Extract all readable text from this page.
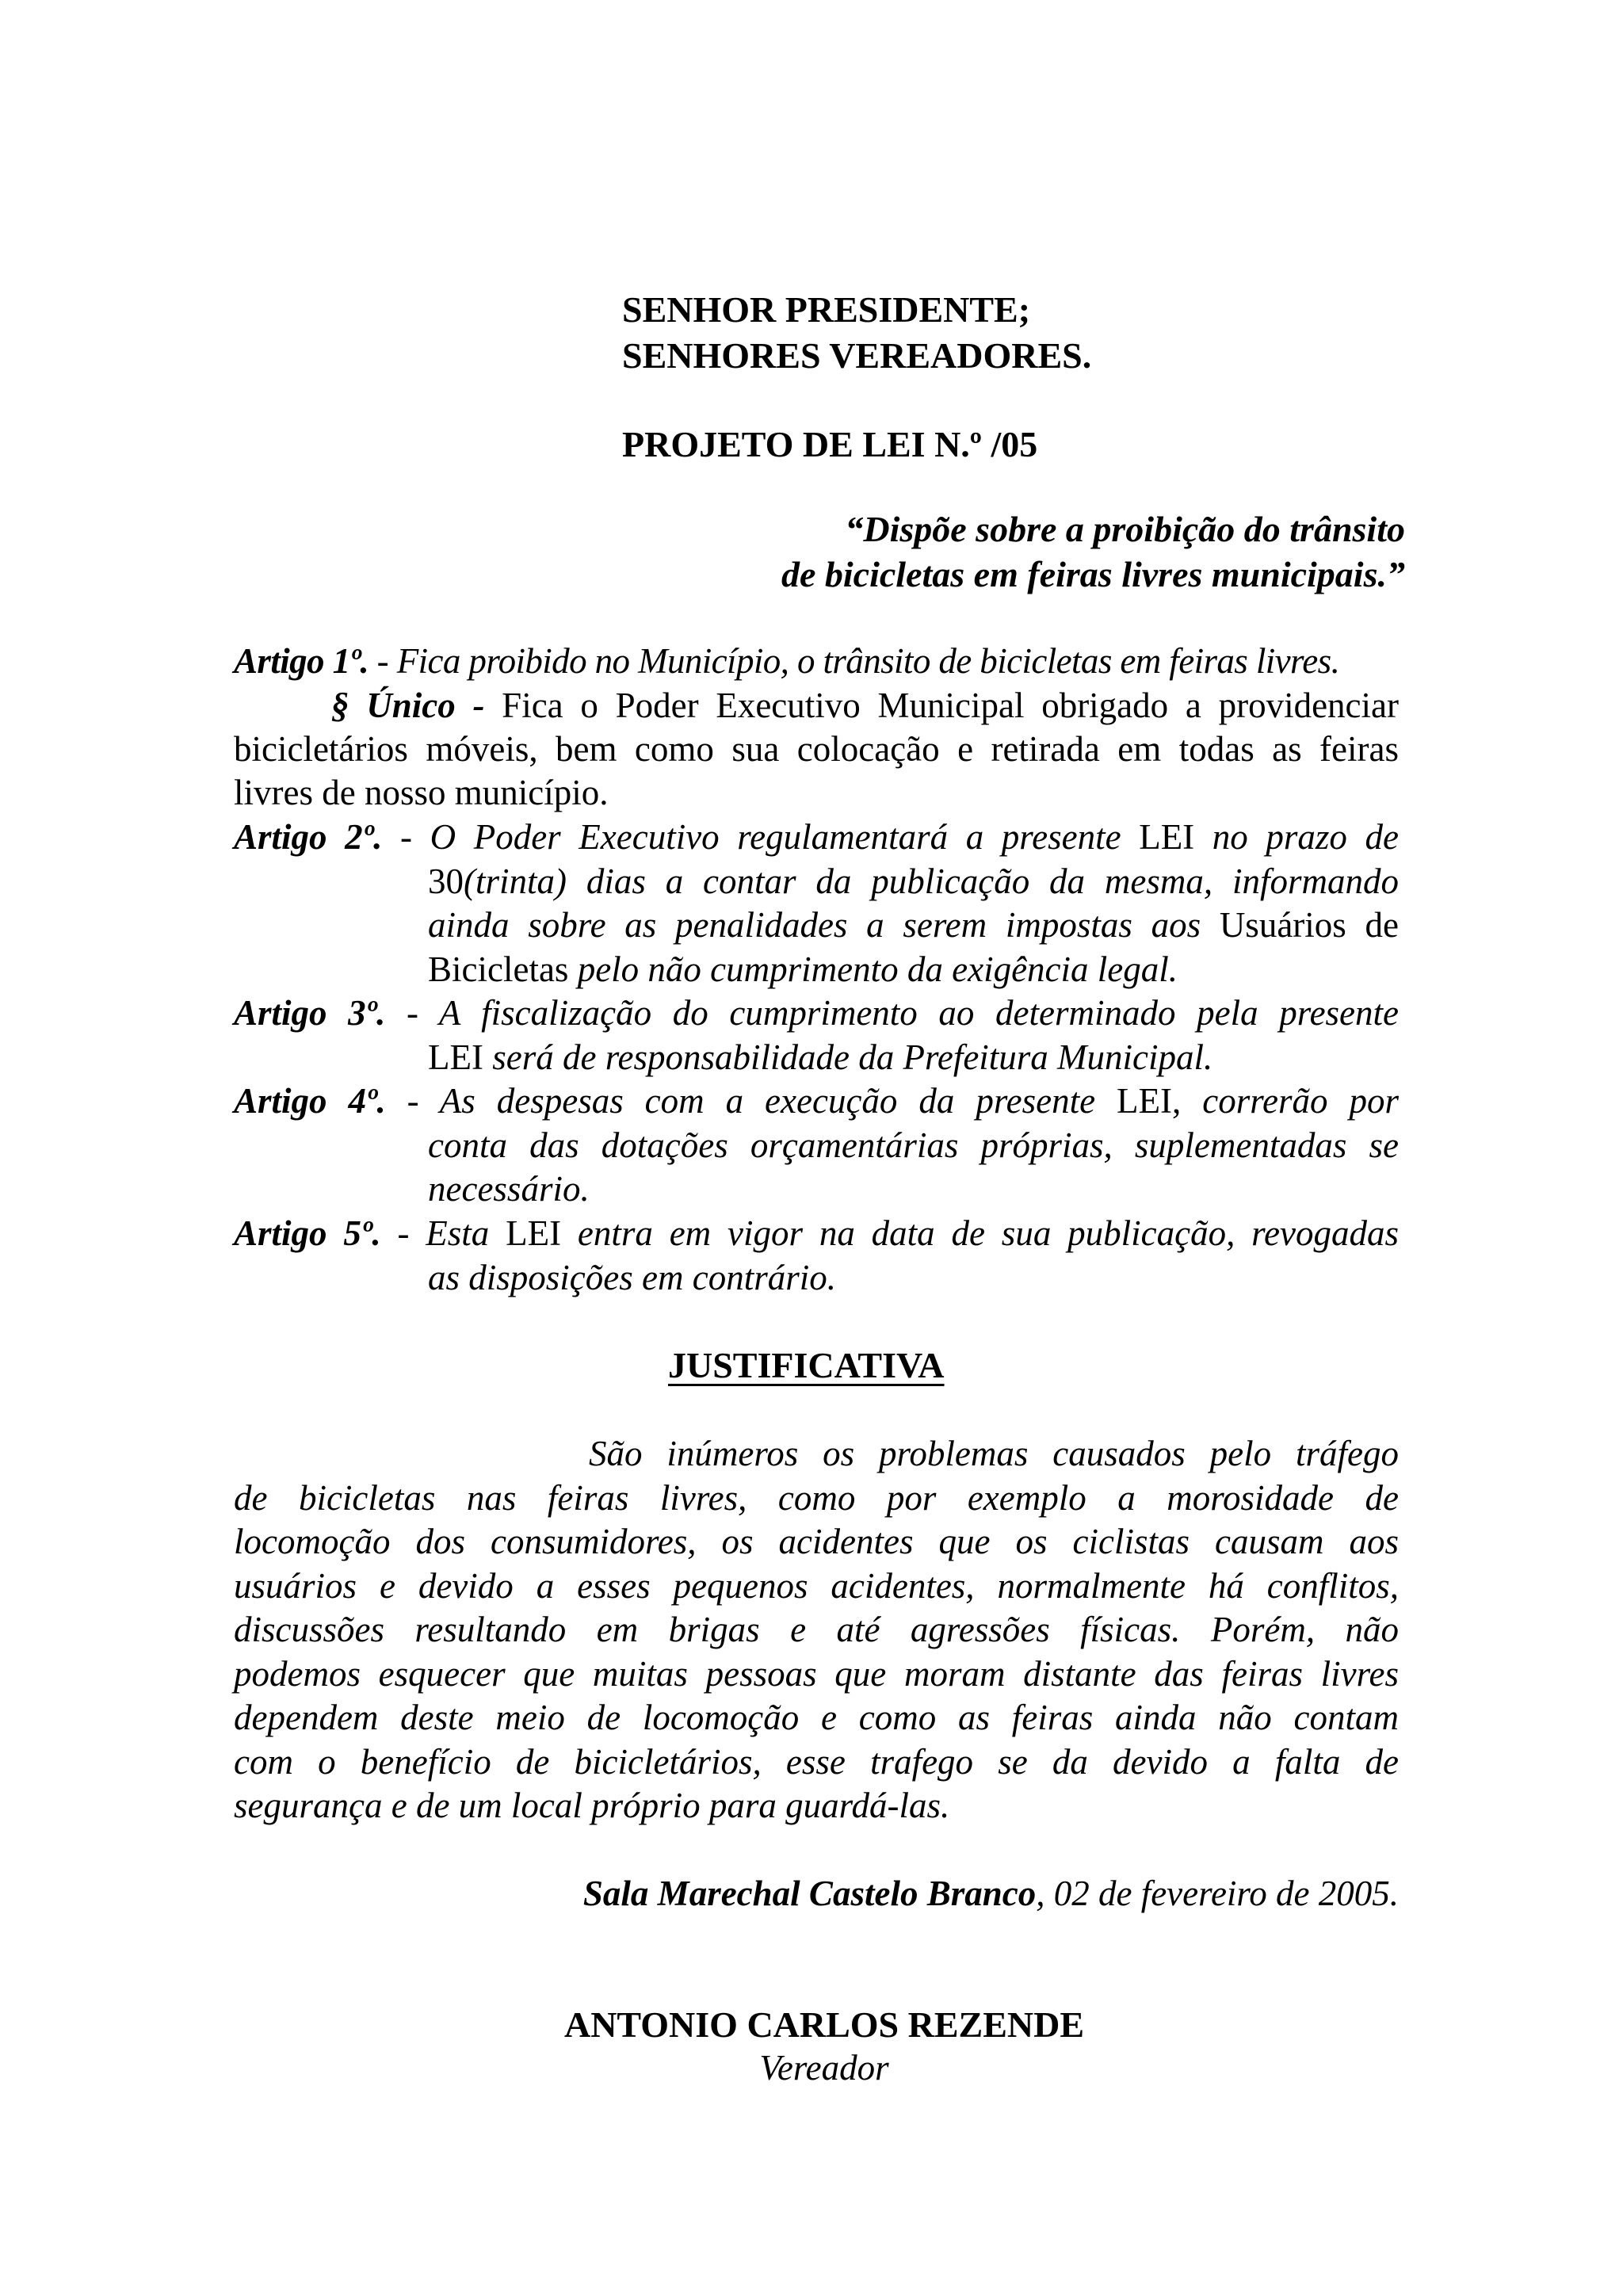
SENHOR PRESIDENTE;
SENHORES VEREADORES.
PROJETO DE LEI N.º /05
“Dispõe sobre a proibição do trânsito
de bicicletas em feiras livres municipais.”
Artigo 1º. - Fica proibido no Município, o trânsito de bicicletas em feiras livres.
§ Único - Fica o Poder Executivo Municipal obrigado a providenciar
bicicletários móveis, bem como sua colocação e retirada em todas as feiras
livres de nosso município.
Artigo 2º. - O Poder Executivo regulamentará a presente LEI no prazo de
30(trinta) dias a contar da publicação da mesma, informando
ainda sobre as penalidades a serem impostas aos Usuários de
Bicicletas pelo não cumprimento da exigência legal.
Artigo 3º. - A fiscalização do cumprimento ao determinado pela presente
LEI será de responsabilidade da Prefeitura Municipal.
Artigo 4º. - As despesas com a execução da presente LEI, correrão por
conta das dotações orçamentárias próprias, suplementadas se
necessário.
Artigo 5º. - Esta LEI entra em vigor na data de sua publicação, revogadas
as disposições em contrário.
JUSTIFICATIVA
São inúmeros os problemas causados pelo tráfego
de bicicletas nas feiras livres, como por exemplo a morosidade de
locomoção dos consumidores, os acidentes que os ciclistas causam aos
usuários e devido a esses pequenos acidentes, normalmente há conflitos,
discussões resultando em brigas e até agressões físicas. Porém, não
podemos esquecer que muitas pessoas que moram distante das feiras livres
dependem deste meio de locomoção e como as feiras ainda não contam
com o benefício de bicicletários, esse trafego se da devido a falta de
segurança e de um local próprio para guardá-las.
Sala Marechal Castelo Branco, 02 de fevereiro de 2005.
ANTONIO CARLOS REZENDE
Vereador
